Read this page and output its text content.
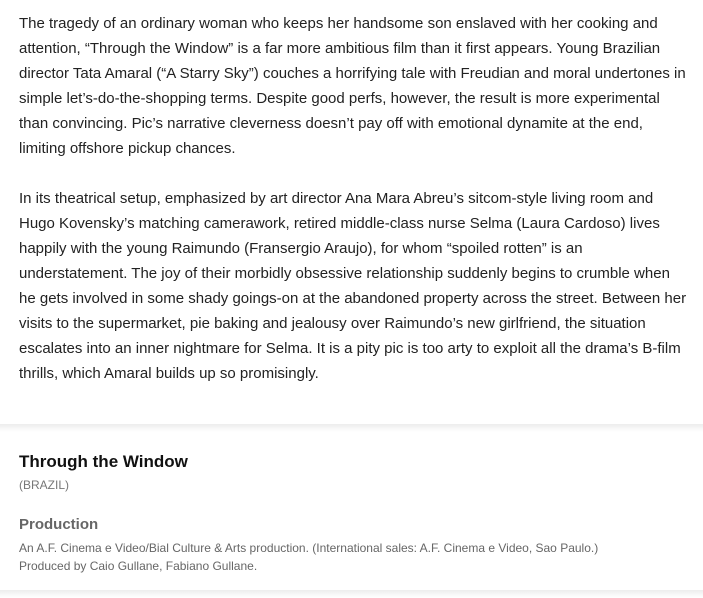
The tragedy of an ordinary woman who keeps her handsome son enslaved with her cooking and attention, “Through the Window” is a far more ambitious film than it first appears. Young Brazilian director Tata Amaral (“A Starry Sky”) couches a horrifying tale with Freudian and moral undertones in simple let’s-do-the-shopping terms. Despite good perfs, however, the result is more experimental than convincing. Pic’s narrative cleverness doesn’t pay off with emotional dynamite at the end, limiting offshore pickup chances.

In its theatrical setup, emphasized by art director Ana Mara Abreu’s sitcom-style living room and Hugo Kovensky’s matching camerawork, retired middle-class nurse Selma (Laura Cardoso) lives happily with the young Raimundo (Fransergio Araujo), for whom “spoiled rotten” is an understatement. The joy of their morbidly obsessive relationship suddenly begins to crumble when he gets involved in some shady goings-on at the abandoned property across the street. Between her visits to the supermarket, pie baking and jealousy over Raimundo’s new girlfriend, the situation escalates into an inner nightmare for Selma. It is a pity pic is too arty to exploit all the drama’s B-film thrills, which Amaral builds up so promisingly.

Through the Window
(BRAZIL)
Production
An A.F. Cinema e Video/Bial Culture & Arts production. (International sales: A.F. Cinema e Video, Sao Paulo.)
Produced by Caio Gullane, Fabiano Gullane.
